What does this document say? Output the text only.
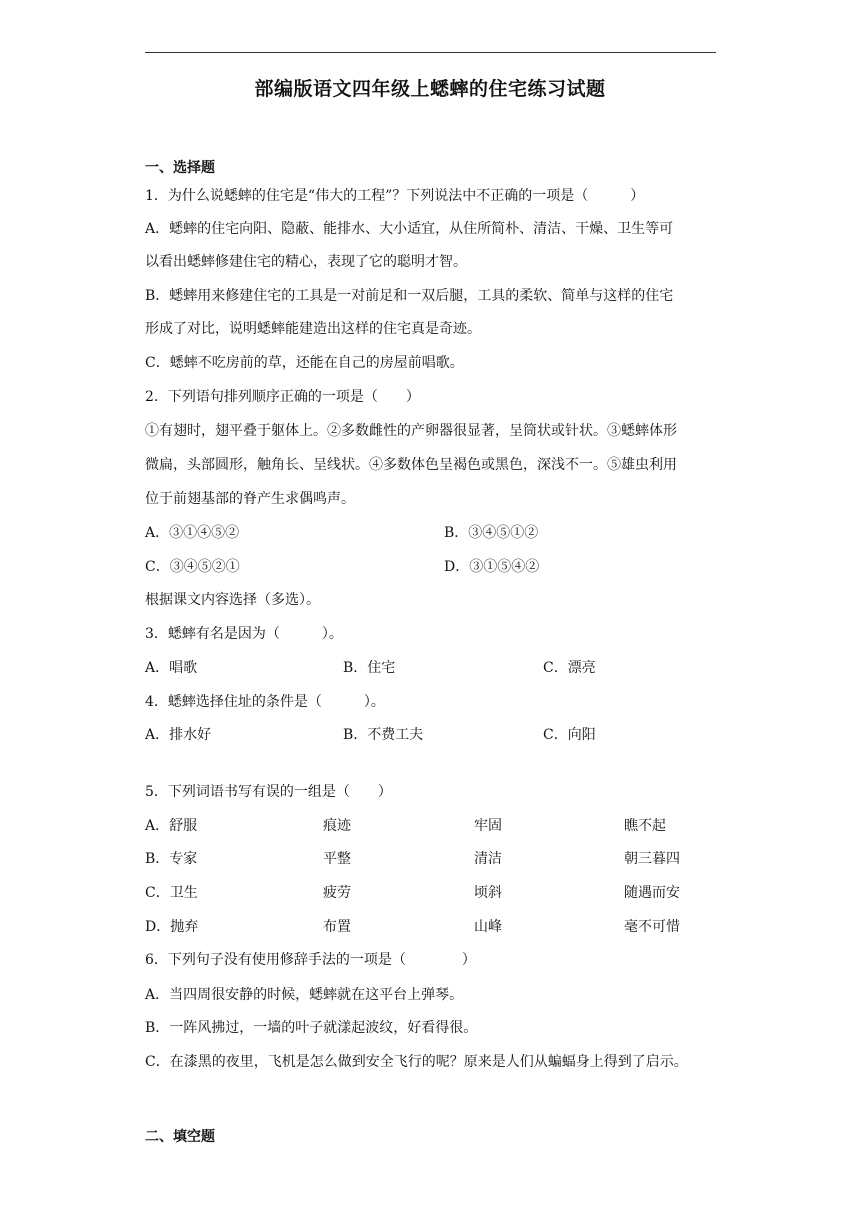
部编版语文四年级上蟋蟀的住宅练习试题
一、选择题
1．为什么说蟋蟀的住宅是“伟大的工程”？下列说法中不正确的一项是（　　　）
A．蟋蟀的住宅向阳、隐蔽、能排水、大小适宜，从住所简朴、清洁、干燥、卫生等可
以看出蟋蟀修建住宅的精心，表现了它的聪明才智。
B．蟋蟀用来修建住宅的工具是一对前足和一双后腿，工具的柔软、简单与这样的住宅
形成了对比，说明蟋蟀能建造出这样的住宅真是奇迹。
C．蟋蟀不吃房前的草，还能在自己的房屋前唱歌。
2．下列语句排列顺序正确的一项是（　　）
①有翅时，翅平叠于躯体上。②多数雌性的产卵器很显著，呈筒状或针状。③蟋蟀体形
微扁，头部圆形，触角长、呈线状。④多数体色呈褐色或黑色，深浅不一。⑤雄虫利用
位于前翅基部的脊产生求偶鸣声。
A．③①④⑤②	B．③④⑤①②
C．③④⑤②①	D．③①⑤④②
根据课文内容选择（多选）。
3．蟋蟀有名是因为（　　　）。
A．唱歌	B．住宅	C．漂亮
4．蟋蟀选择住址的条件是（　　　）。
A．排水好	B．不费工夫	C．向阳
5．下列词语书写有误的一组是（　　）
A．舒服	痕迹	牢固	瞧不起
B．专家	平整	清洁	朝三暮四
C．卫生	疲劳	顷斜	随遇而安
D．抛弃	布置	山峰	毫不可惜
6．下列句子没有使用修辞手法的一项是（　　　　）
A．当四周很安静的时候，蟋蟀就在这平台上弹琴。
B．一阵风拂过，一墙的叶子就漾起波纹，好看得很。
C．在漆黑的夜里，飞机是怎么做到安全飞行的呢？原来是人们从蝙蝠身上得到了启示。
二、填空题
